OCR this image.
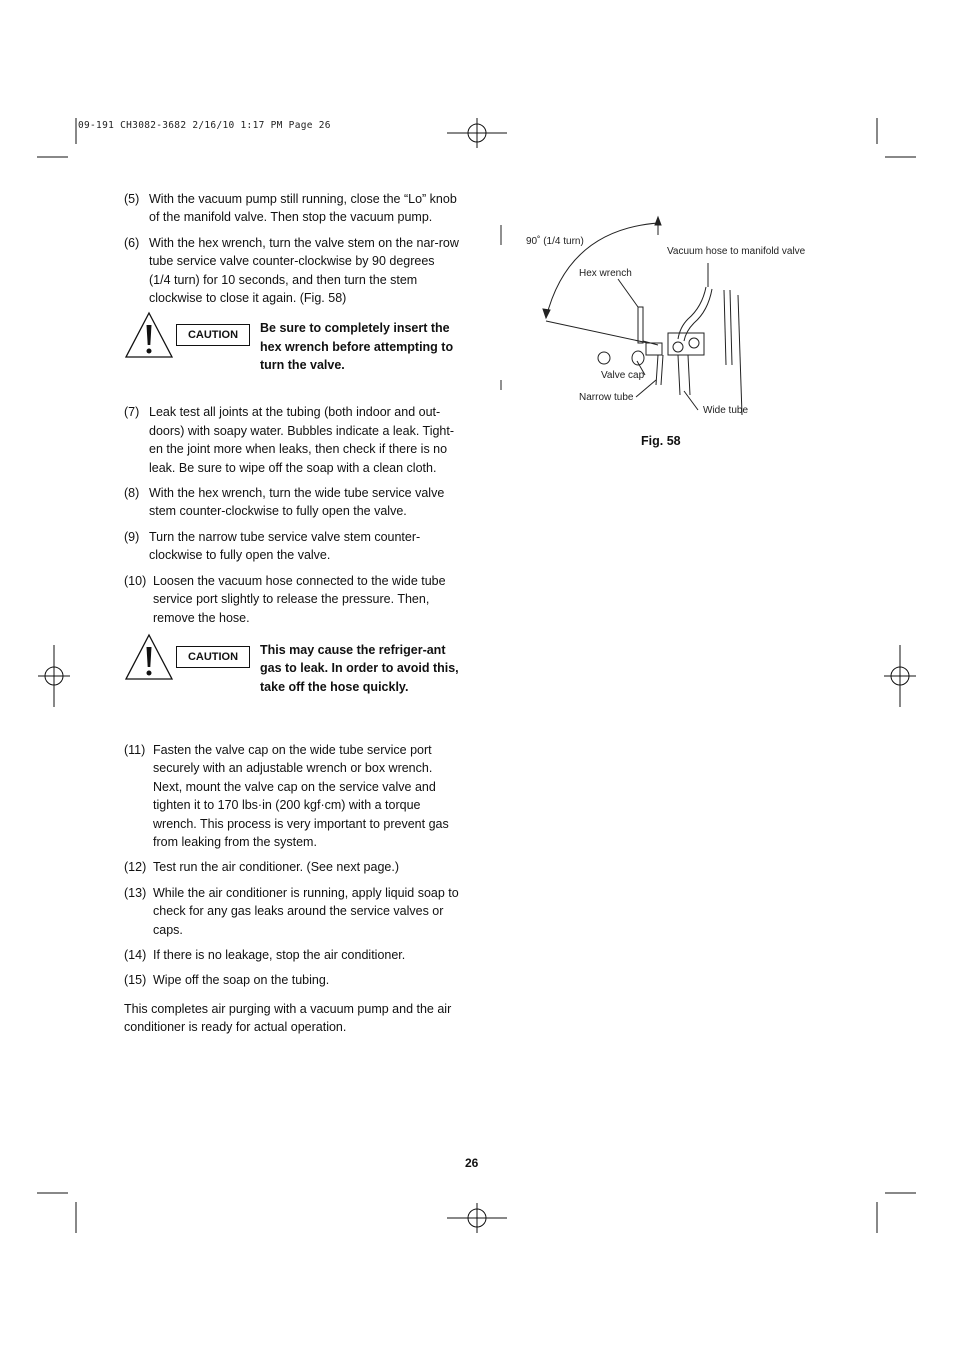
09-191 CH3082-3682 2/16/10 1:17 PM Page 26
(5) With the vacuum pump still running, close the “Lo” knob of the manifold valve. Then stop the vacuum pump.
(6) With the hex wrench, turn the valve stem on the nar-row tube service valve counter-clockwise by 90 degrees (1/4 turn) for 10 seconds, and then turn the stem clockwise to close it again. (Fig. 58)
CAUTION	Be sure to completely insert the hex wrench before attempting to turn the valve.
(7) Leak test all joints at the tubing (both indoor and out-doors) with soapy water. Bubbles indicate a leak. Tight-en the joint more when leaks, then check if there is no leak. Be sure to wipe off the soap with a clean cloth.
(8) With the hex wrench, turn the wide tube service valve stem counter-clockwise to fully open the valve.
(9) Turn the narrow tube service valve stem counter-clockwise to fully open the valve.
(10) Loosen the vacuum hose connected to the wide tube service port slightly to release the pressure. Then, remove the hose.
CAUTION	This may cause the refriger-ant gas to leak. In order to avoid this, take off the hose quickly.
(11) Fasten the valve cap on the wide tube service port securely with an adjustable wrench or box wrench. Next, mount the valve cap on the service valve and tighten it to 170 lbs·in (200 kgf·cm) with a torque wrench. This process is very important to prevent gas from leaking from the system.
(12) Test run the air conditioner. (See next page.)
(13) While the air conditioner is running, apply liquid soap to check for any gas leaks around the service valves or caps.
(14) If there is no leakage, stop the air conditioner.
(15) Wipe off the soap on the tubing.

This completes air purging with a vacuum pump and the air conditioner is ready for actual operation.

90˚ (1/4 turn)
Hex wrench
Vacuum hose to manifold valve
Valve cap
Narrow tube
Wide tube
Fig. 58
26
